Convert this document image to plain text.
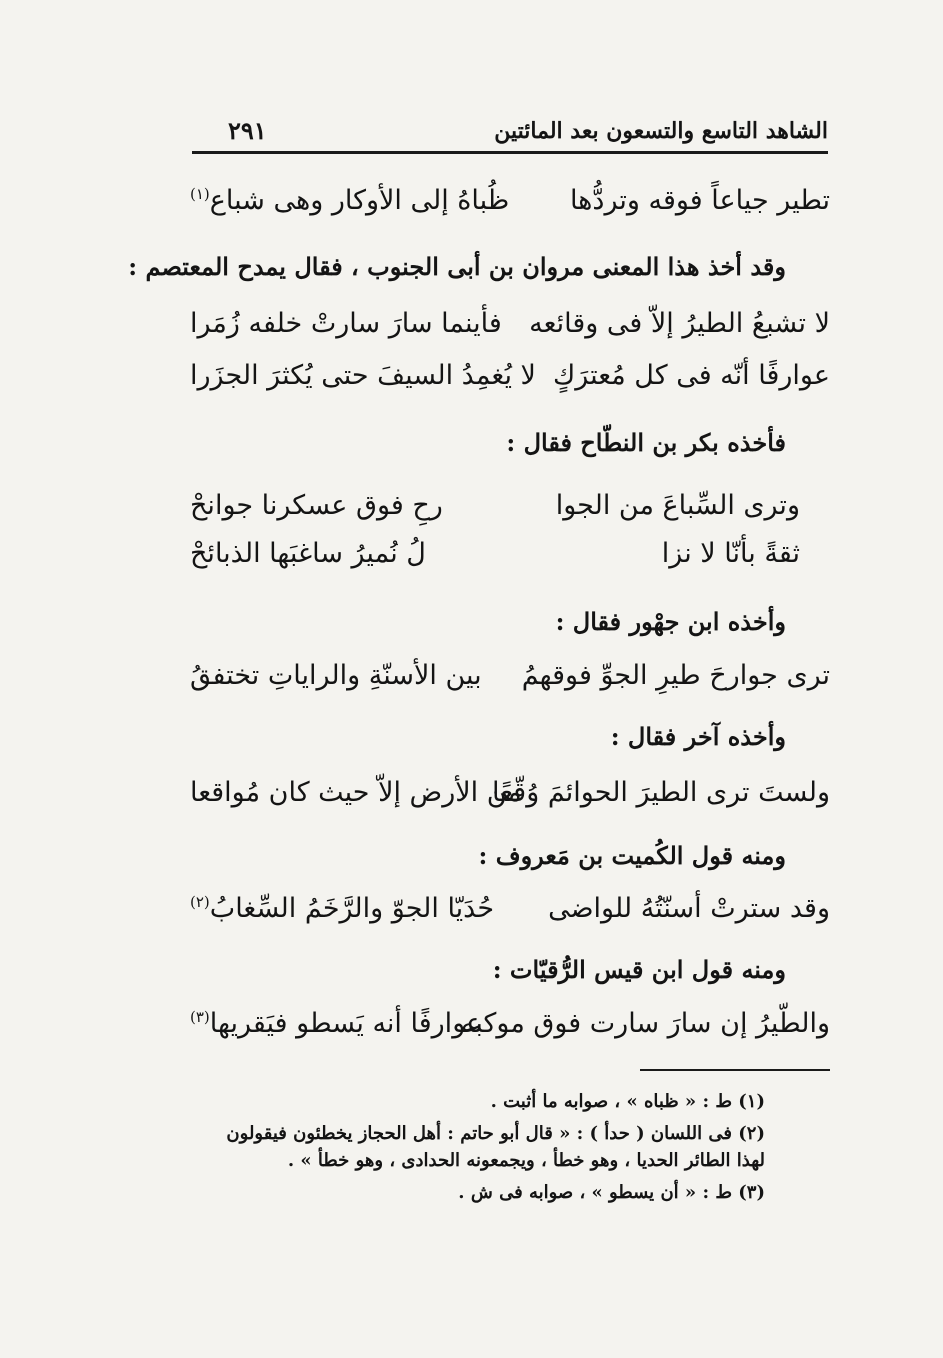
الشاهد التاسع والتسعون بعد المائتين
٢٩١
تطير جياعاً فوقه وتردُّها
ظُباهُ إلى الأوكار وهى شباع$^{(١)}$
وقد أخذ هذا المعنى مروان بن أبى الجنوب ، فقال يمدح المعتصم :
لا تشبعُ الطيرُ إلاّ فى وقائعه
فأينما سارَ سارتْ خلفه زُمَرا
عوارفًا أنّه فى كل مُعترَكٍ
لا يُغمِدُ السيفَ حتى يُكثرَ الجزَرا
فأخذه بكر بن النطّاح فقال :
وترى السِّباعَ من الجوا
رحِ فوق عسكرنا جوانحْ
ثقةً بأنّا لا نزا
لُ نُميرُ ساغبَها الذبائحْ
وأخذه ابن جهْور فقال :
ترى جوارحَ طيرِ الجوِّ فوقهمُ
بين الأسنّةِ والراياتِ تختفقُ
وأخذه آخر فقال :
ولستَ ترى الطيرَ الحوائمَ وُقّعًا
من الأرض إلاّ حيث كان مُواقعا
ومنه قول الكُميت بن مَعروف :
وقد سترتْ أسنّتُهُ للواضى
حُدَيّا الجوّ والرَّخَمُ السِّغابُ$^{(٢)}$
ومنه قول ابن قيس الرُّقيّات :
والطّيرُ إن سارَ سارت فوق موكبه
عوارفًا أنه يَسطو فيَقريها$^{(٣)}$

(١) ط : « ظباه » ، صوابه ما أثبت .

(٢) فى اللسان ( حدأ ) : « قال أبو حاتم : أهل الحجاز يخطئون فيقولون لهذا الطائر الحديا ، وهو خطأ ، ويجمعونه الحدادى ، وهو خطأ » .

(٣) ط : « أن يسطو » ، صوابه فى ش .
